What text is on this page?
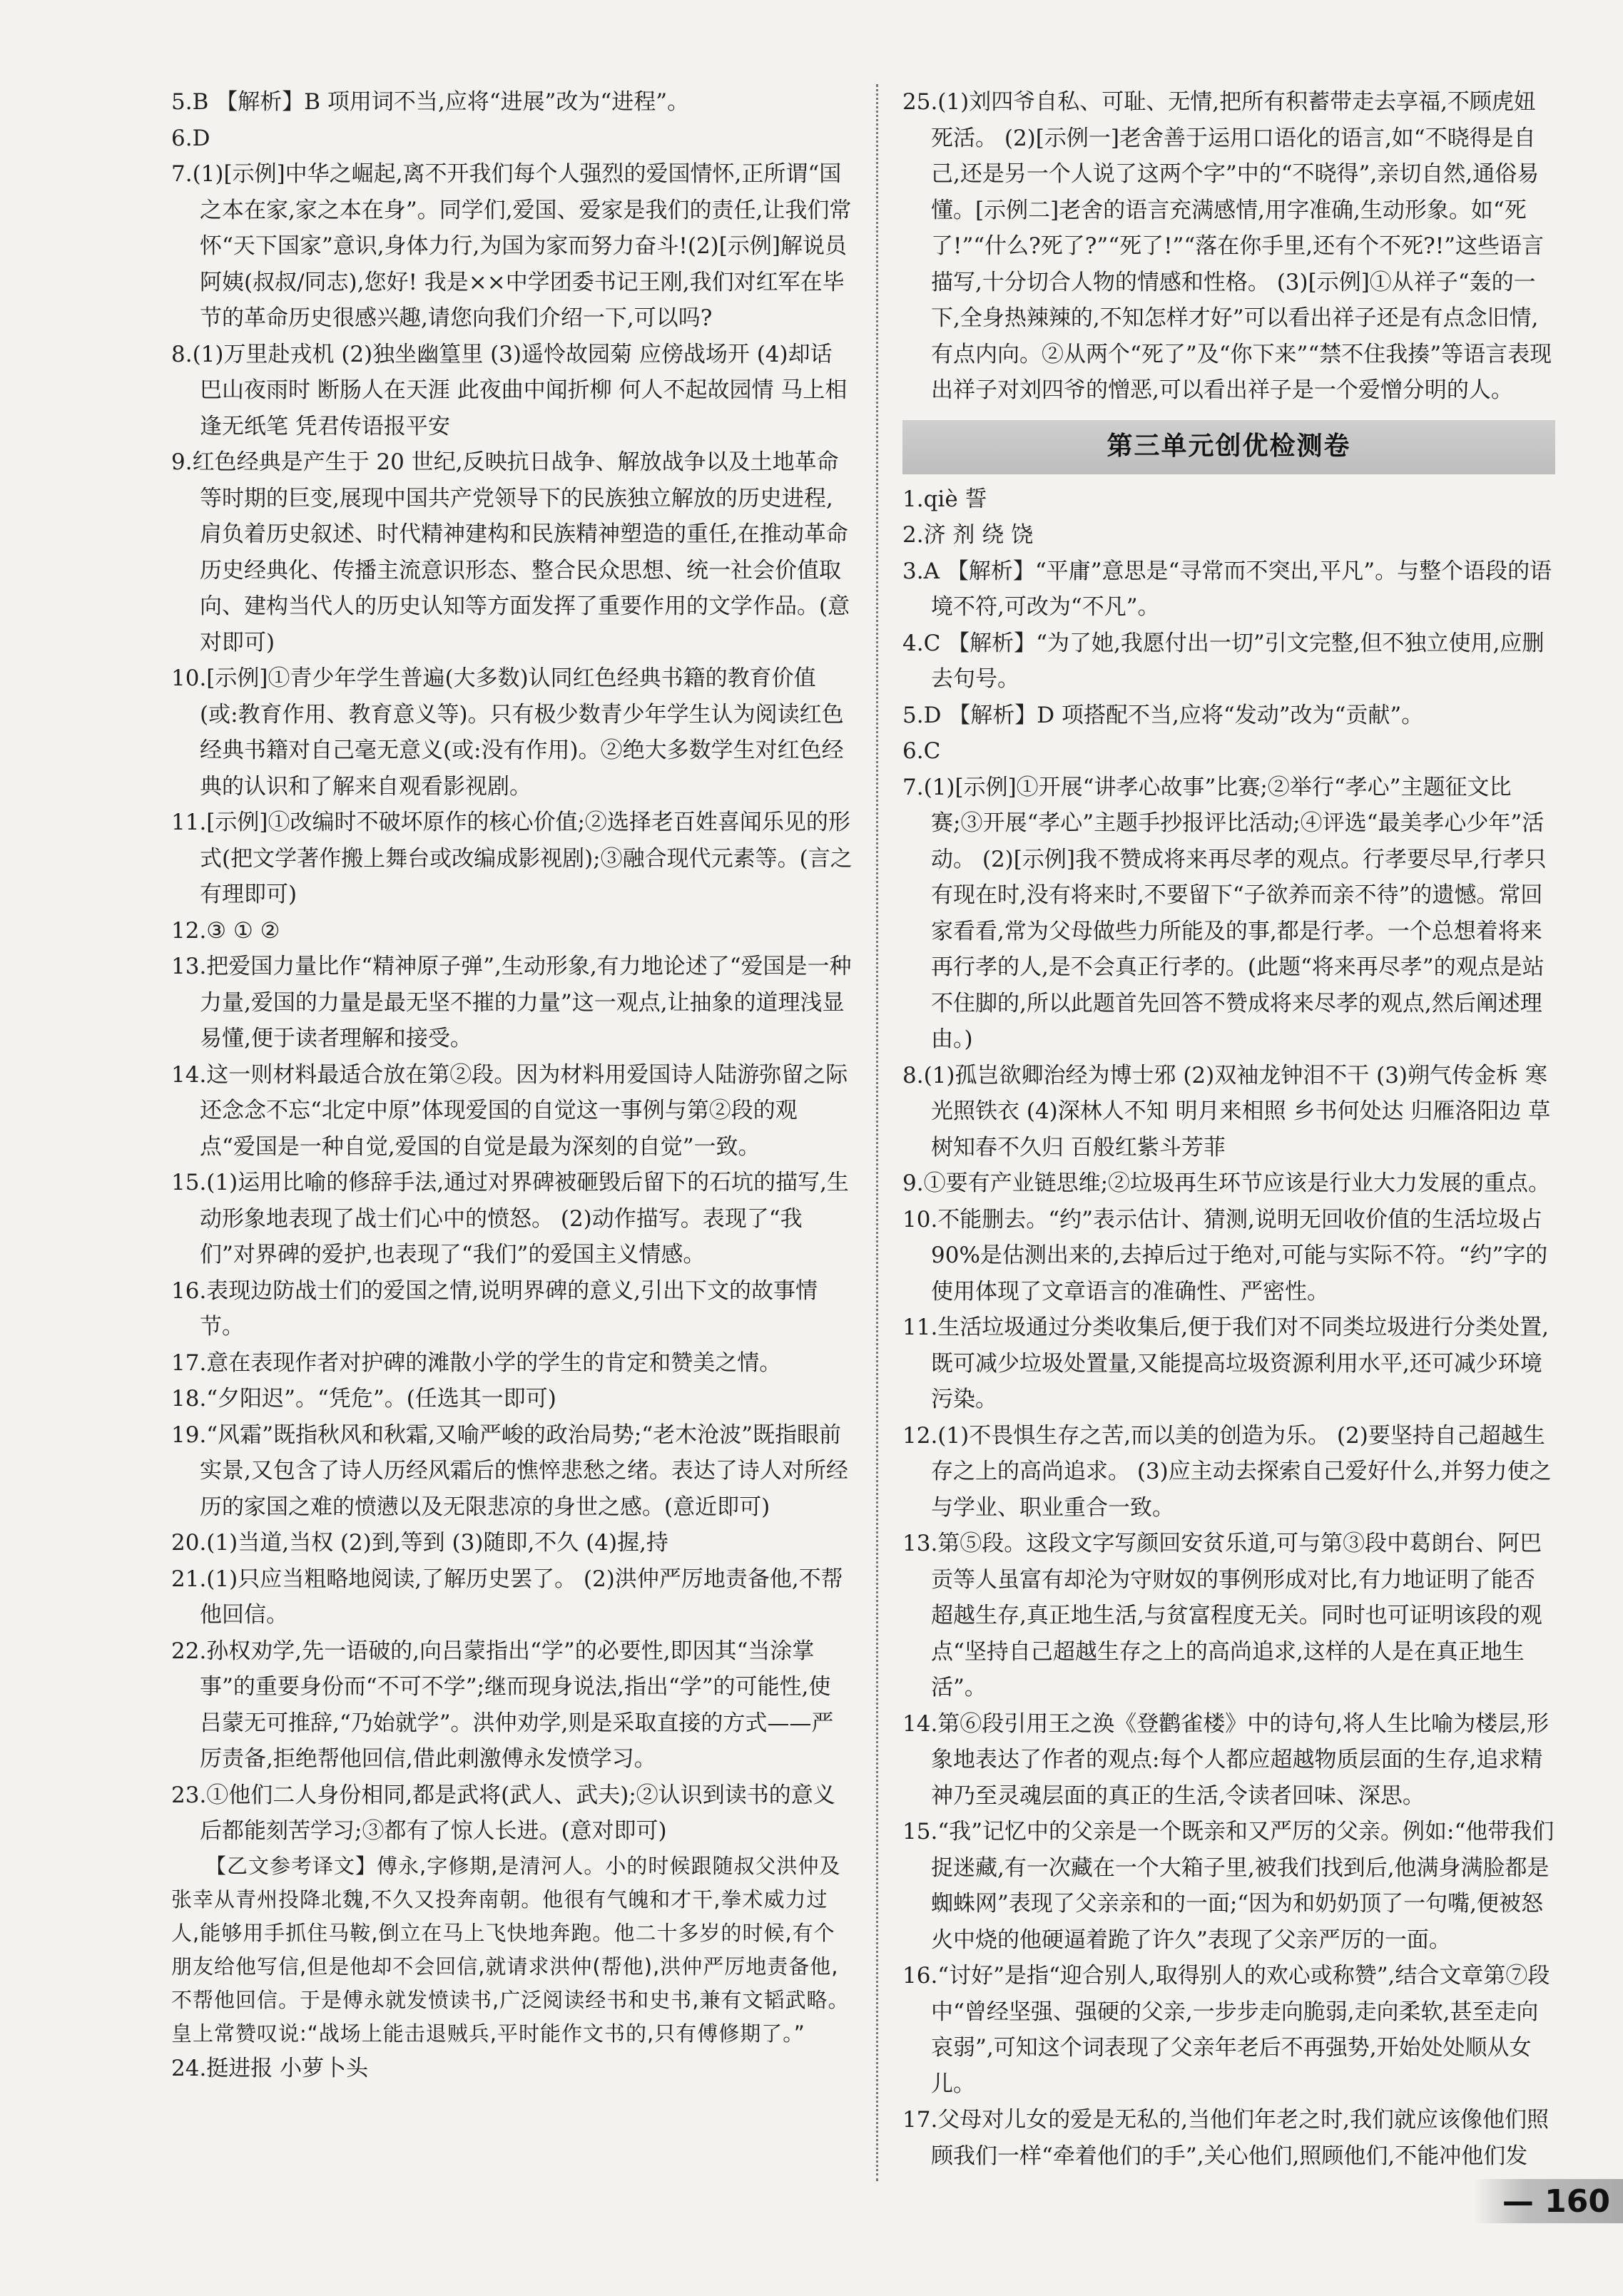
5.B 【解析】B 项用词不当,应将“进展”改为“进程”。

6.D

7.(1)[示例]中华之崛起,离不开我们每个人强烈的爱国情怀,正所谓“国之本在家,家之本在身”。同学们,爱国、爱家是我们的责任,让我们常怀“天下国家”意识,身体力行,为国为家而努力奋斗!(2)[示例]解说员阿姨(叔叔/同志),您好! 我是××中学团委书记王刚,我们对红军在毕节的革命历史很感兴趣,请您向我们介绍一下,可以吗?

8.(1)万里赴戎机 (2)独坐幽篁里 (3)遥怜故园菊 应傍战场开 (4)却话巴山夜雨时 断肠人在天涯 此夜曲中闻折柳 何人不起故园情 马上相逢无纸笔 凭君传语报平安

9.红色经典是产生于 20 世纪,反映抗日战争、解放战争以及土地革命等时期的巨变,展现中国共产党领导下的民族独立解放的历史进程,肩负着历史叙述、时代精神建构和民族精神塑造的重任,在推动革命历史经典化、传播主流意识形态、整合民众思想、统一社会价值取向、建构当代人的历史认知等方面发挥了重要作用的文学作品。(意对即可)

10.[示例]①青少年学生普遍(大多数)认同红色经典书籍的教育价值(或:教育作用、教育意义等)。只有极少数青少年学生认为阅读红色经典书籍对自己毫无意义(或:没有作用)。②绝大多数学生对红色经典的认识和了解来自观看影视剧。

11.[示例]①改编时不破坏原作的核心价值;②选择老百姓喜闻乐见的形式(把文学著作搬上舞台或改编成影视剧);③融合现代元素等。(言之有理即可)

12.③ ① ②

13.把爱国力量比作“精神原子弹”,生动形象,有力地论述了“爱国是一种力量,爱国的力量是最无坚不摧的力量”这一观点,让抽象的道理浅显易懂,便于读者理解和接受。

14.这一则材料最适合放在第②段。因为材料用爱国诗人陆游弥留之际还念念不忘“北定中原”体现爱国的自觉这一事例与第②段的观点“爱国是一种自觉,爱国的自觉是最为深刻的自觉”一致。

15.(1)运用比喻的修辞手法,通过对界碑被砸毁后留下的石坑的描写,生动形象地表现了战士们心中的愤怒。 (2)动作描写。表现了“我们”对界碑的爱护,也表现了“我们”的爱国主义情感。

16.表现边防战士们的爱国之情,说明界碑的意义,引出下文的故事情节。

17.意在表现作者对护碑的滩散小学的学生的肯定和赞美之情。

18.“夕阳迟”。“凭危”。(任选其一即可)

19.“风霜”既指秋风和秋霜,又喻严峻的政治局势;“老木沧波”既指眼前实景,又包含了诗人历经风霜后的憔悴悲愁之绪。表达了诗人对所经历的家国之难的愤懑以及无限悲凉的身世之感。(意近即可)

20.(1)当道,当权 (2)到,等到 (3)随即,不久 (4)握,持

21.(1)只应当粗略地阅读,了解历史罢了。 (2)洪仲严厉地责备他,不帮他回信。

22.孙权劝学,先一语破的,向吕蒙指出“学”的必要性,即因其“当涂掌事”的重要身份而“不可不学”;继而现身说法,指出“学”的可能性,使吕蒙无可推辞,“乃始就学”。洪仲劝学,则是采取直接的方式——严厉责备,拒绝帮他回信,借此刺激傅永发愤学习。

23.①他们二人身份相同,都是武将(武人、武夫);②认识到读书的意义后都能刻苦学习;③都有了惊人长进。(意对即可)

【乙文参考译文】傅永,字修期,是清河人。小的时候跟随叔父洪仲及张幸从青州投降北魏,不久又投奔南朝。他很有气魄和才干,拳术威力过人,能够用手抓住马鞍,倒立在马上飞快地奔跑。他二十多岁的时候,有个朋友给他写信,但是他却不会回信,就请求洪仲(帮他),洪仲严厉地责备他,不帮他回信。于是傅永就发愤读书,广泛阅读经书和史书,兼有文韬武略。皇上常赞叹说:“战场上能击退贼兵,平时能作文书的,只有傅修期了。”

24.挺进报 小萝卜头

25.(1)刘四爷自私、可耻、无情,把所有积蓄带走去享福,不顾虎妞死活。 (2)[示例一]老舍善于运用口语化的语言,如“不晓得是自己,还是另一个人说了这两个字”中的“不晓得”,亲切自然,通俗易懂。[示例二]老舍的语言充满感情,用字准确,生动形象。如“死了!”“什么?死了?”“死了!”“落在你手里,还有个不死?!”这些语言描写,十分切合人物的情感和性格。 (3)[示例]①从祥子“轰的一下,全身热辣辣的,不知怎样才好”可以看出祥子还是有点念旧情,有点内向。②从两个“死了”及“你下来”“禁不住我揍”等语言表现出祥子对刘四爷的憎恶,可以看出祥子是一个爱憎分明的人。

第三单元创优检测卷

1.qiè 誓

2.济 剂 绕 饶

3.A 【解析】“平庸”意思是“寻常而不突出,平凡”。与整个语段的语境不符,可改为“不凡”。

4.C 【解析】“为了她,我愿付出一切”引文完整,但不独立使用,应删去句号。

5.D 【解析】D 项搭配不当,应将“发动”改为“贡献”。

6.C

7.(1)[示例]①开展“讲孝心故事”比赛;②举行“孝心”主题征文比赛;③开展“孝心”主题手抄报评比活动;④评选“最美孝心少年”活动。 (2)[示例]我不赞成将来再尽孝的观点。行孝要尽早,行孝只有现在时,没有将来时,不要留下“子欲养而亲不待”的遗憾。常回家看看,常为父母做些力所能及的事,都是行孝。一个总想着将来再行孝的人,是不会真正行孝的。(此题“将来再尽孝”的观点是站不住脚的,所以此题首先回答不赞成将来尽孝的观点,然后阐述理由。)

8.(1)孤岂欲卿治经为博士邪 (2)双袖龙钟泪不干 (3)朔气传金柝 寒光照铁衣 (4)深林人不知 明月来相照 乡书何处达 归雁洛阳边 草树知春不久归 百般红紫斗芳菲

9.①要有产业链思维;②垃圾再生环节应该是行业大力发展的重点。

10.不能删去。“约”表示估计、猜测,说明无回收价值的生活垃圾占 90%是估测出来的,去掉后过于绝对,可能与实际不符。“约”字的使用体现了文章语言的准确性、严密性。

11.生活垃圾通过分类收集后,便于我们对不同类垃圾进行分类处置,既可减少垃圾处置量,又能提高垃圾资源利用水平,还可减少环境污染。

12.(1)不畏惧生存之苦,而以美的创造为乐。 (2)要坚持自己超越生存之上的高尚追求。 (3)应主动去探索自己爱好什么,并努力使之与学业、职业重合一致。

13.第⑤段。这段文字写颜回安贫乐道,可与第③段中葛朗台、阿巴贡等人虽富有却沦为守财奴的事例形成对比,有力地证明了能否超越生存,真正地生活,与贫富程度无关。同时也可证明该段的观点“坚持自己超越生存之上的高尚追求,这样的人是在真正地生活”。

14.第⑥段引用王之涣《登鹳雀楼》中的诗句,将人生比喻为楼层,形象地表达了作者的观点:每个人都应超越物质层面的生存,追求精神乃至灵魂层面的真正的生活,令读者回味、深思。

15.“我”记忆中的父亲是一个既亲和又严厉的父亲。例如:“他带我们捉迷藏,有一次藏在一个大箱子里,被我们找到后,他满身满脸都是蜘蛛网”表现了父亲亲和的一面;“因为和奶奶顶了一句嘴,便被怒火中烧的他硬逼着跪了许久”表现了父亲严厉的一面。

16.“讨好”是指“迎合别人,取得别人的欢心或称赞”,结合文章第⑦段中“曾经坚强、强硬的父亲,一步步走向脆弱,走向柔软,甚至走向哀弱”,可知这个词表现了父亲年老后不再强势,开始处处顺从女儿。

17.父母对儿女的爱是无私的,当他们年老之时,我们就应该像他们照顾我们一样“牵着他们的手”,关心他们,照顾他们,不能冲他们发

— 160
